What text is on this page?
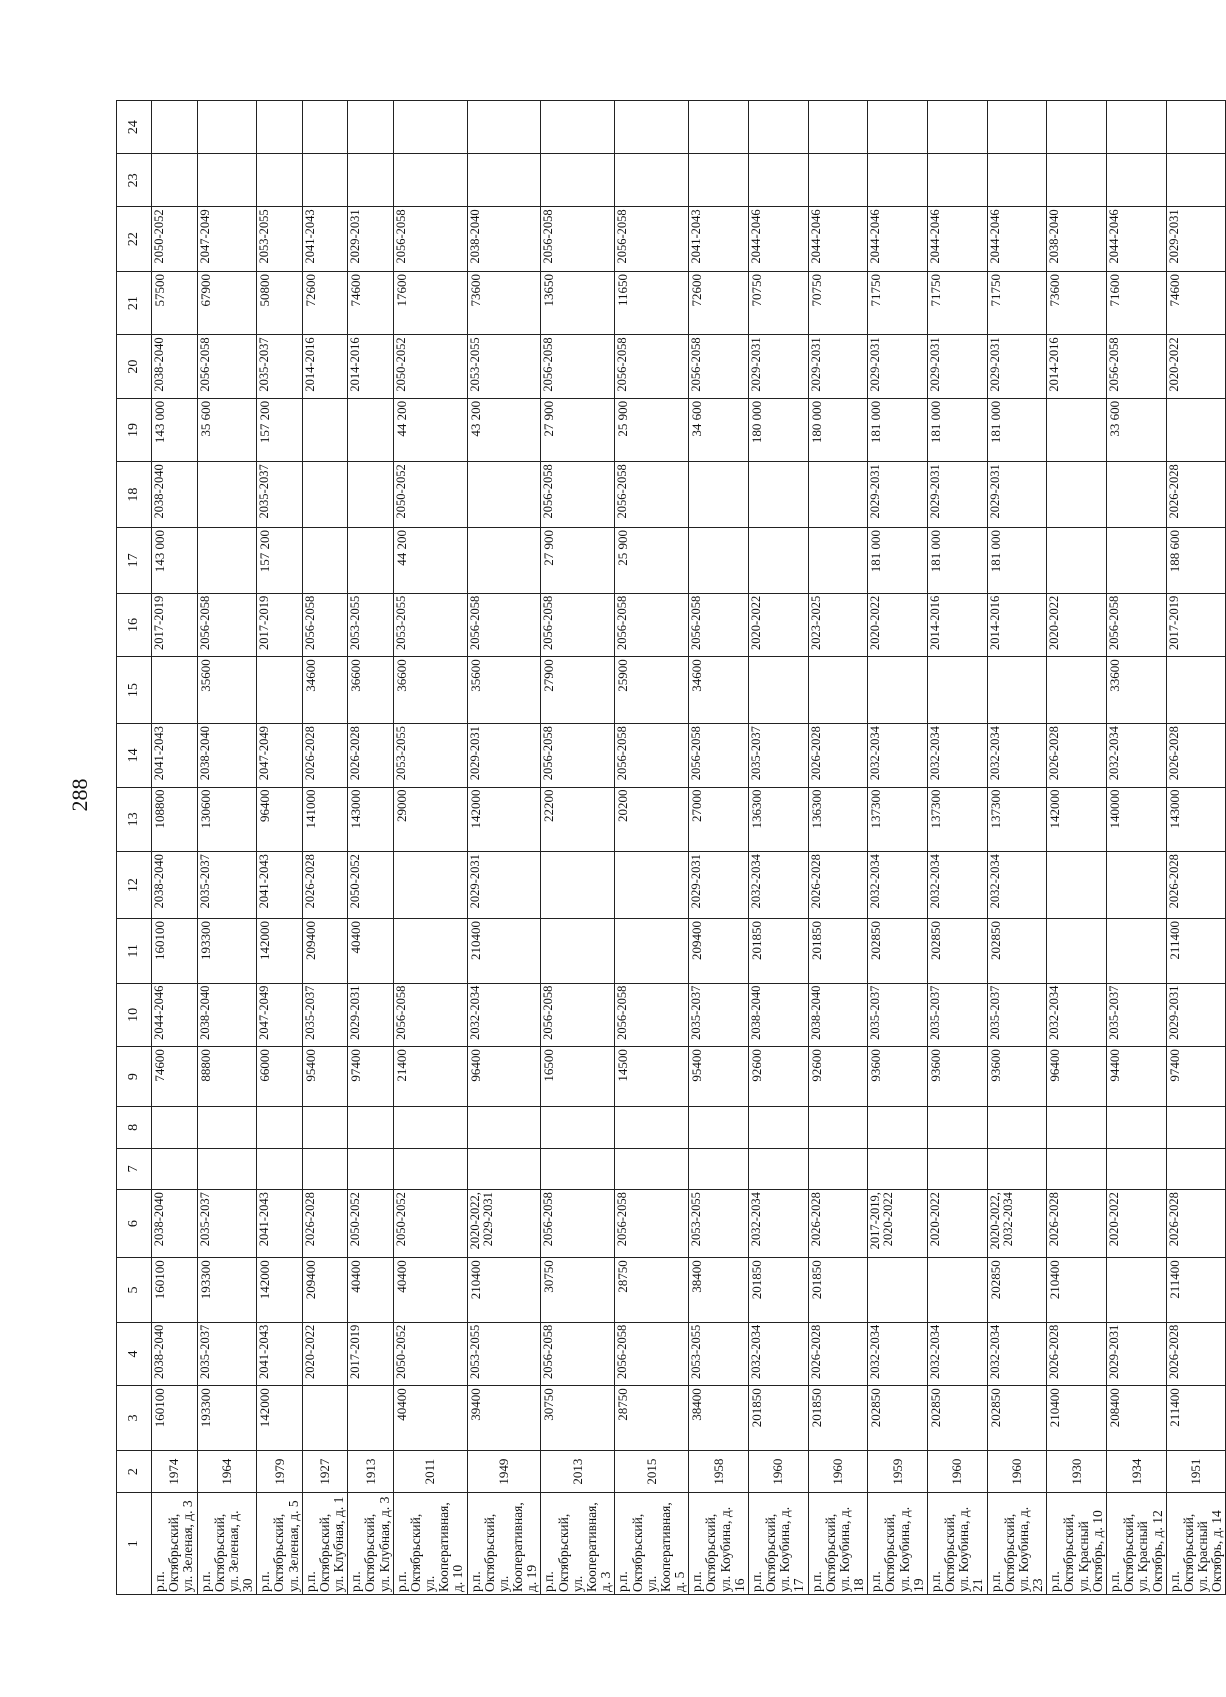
288
1	2	3	4	5	6	7	8	9	10	11	12	13	14	15	16	17	18	19	20	21	22	23	24
р.п. Октябрьский, ул. Зеленая, д. 3	1974	160100	2038-2040	160100	2038-2040			74600	2044-2046	160100	2038-2040	108800	2041-2043		2017-2019	143 000	2038-2040	143 000	2038-2040	57500	2050-2052		
р.п. Октябрьский, ул. Зеленая, д. 30	1964	193300	2035-2037	193300	2035-2037			88800	2038-2040	193300	2035-2037	130600	2038-2040	35600	2056-2058			35 600	2056-2058	67900	2047-2049		
р.п. Октябрьский, ул. Зеленая, д. 5	1979	142000	2041-2043	142000	2041-2043			66000	2047-2049	142000	2041-2043	96400	2047-2049		2017-2019	157 200	2035-2037	157 200	2035-2037	50800	2053-2055		
р.п. Октябрьский, ул. Клубная, д. 1	1927		2020-2022	209400	2026-2028			95400	2035-2037	209400	2026-2028	141000	2026-2028	34600	2056-2058				2014-2016	72600	2041-2043		
р.п. Октябрьский, ул. Клубная, д. 3	1913		2017-2019	40400	2050-2052			97400	2029-2031	40400	2050-2052	143000	2026-2028	36600	2053-2055				2014-2016	74600	2029-2031		
р.п. Октябрьский, ул. Кооперативная, д. 10	2011	40400	2050-2052	40400	2050-2052			21400	2056-2058			29000	2053-2055	36600	2053-2055	44 200	2050-2052	44 200	2050-2052	17600	2056-2058		
р.п. Октябрьский, ул. Кооперативная, д. 19	1949	39400	2053-2055	210400	2020-2022, 2029-2031			96400	2032-2034	210400	2029-2031	142000	2029-2031	35600	2056-2058			43 200	2053-2055	73600	2038-2040		
р.п. Октябрьский, ул. Кооперативная, д. 3	2013	30750	2056-2058	30750	2056-2058			16500	2056-2058			22200	2056-2058	27900	2056-2058	27 900	2056-2058	27 900	2056-2058	13650	2056-2058		
р.п. Октябрьский, ул. Кооперативная, д. 5	2015	28750	2056-2058	28750	2056-2058			14500	2056-2058			20200	2056-2058	25900	2056-2058	25 900	2056-2058	25 900	2056-2058	11650	2056-2058		
р.п. Октябрьский, ул. Коубина, д. 16	1958	38400	2053-2055	38400	2053-2055			95400	2035-2037	209400	2029-2031	27000	2056-2058	34600	2056-2058			34 600	2056-2058	72600	2041-2043		
р.п. Октябрьский, ул. Коубина, д. 17	1960	201850	2032-2034	201850	2032-2034			92600	2038-2040	201850	2032-2034	136300	2035-2037		2020-2022			180 000	2029-2031	70750	2044-2046		
р.п. Октябрьский, ул. Коубина, д. 18	1960	201850	2026-2028	201850	2026-2028			92600	2038-2040	201850	2026-2028	136300	2026-2028		2023-2025			180 000	2029-2031	70750	2044-2046		
р.п. Октябрьский, ул. Коубина, д. 19	1959	202850	2032-2034		2017-2019, 2020-2022			93600	2035-2037	202850	2032-2034	137300	2032-2034		2020-2022	181 000	2029-2031	181 000	2029-2031	71750	2044-2046		
р.п. Октябрьский, ул. Коубина, д. 21	1960	202850	2032-2034		2020-2022			93600	2035-2037	202850	2032-2034	137300	2032-2034		2014-2016	181 000	2029-2031	181 000	2029-2031	71750	2044-2046		
р.п. Октябрьский, ул. Коубина, д. 23	1960	202850	2032-2034	202850	2020-2022, 2032-2034			93600	2035-2037	202850	2032-2034	137300	2032-2034		2014-2016	181 000	2029-2031	181 000	2029-2031	71750	2044-2046		
р.п. Октябрьский, ул. Красный Октябрь, д. 10	1930	210400	2026-2028	210400	2026-2028			96400	2032-2034			142000	2026-2028		2020-2022				2014-2016	73600	2038-2040		
р.п. Октябрьский, ул. Красный Октябрь, д. 12	1934	208400	2029-2031		2020-2022			94400	2035-2037			140000	2032-2034	33600	2056-2058			33 600	2056-2058	71600	2044-2046		
р.п. Октябрьский, ул. Красный Октябрь, д. 14	1951	211400	2026-2028	211400	2026-2028			97400	2029-2031	211400	2026-2028	143000	2026-2028		2017-2019	188 600	2026-2028		2020-2022	74600	2029-2031		
